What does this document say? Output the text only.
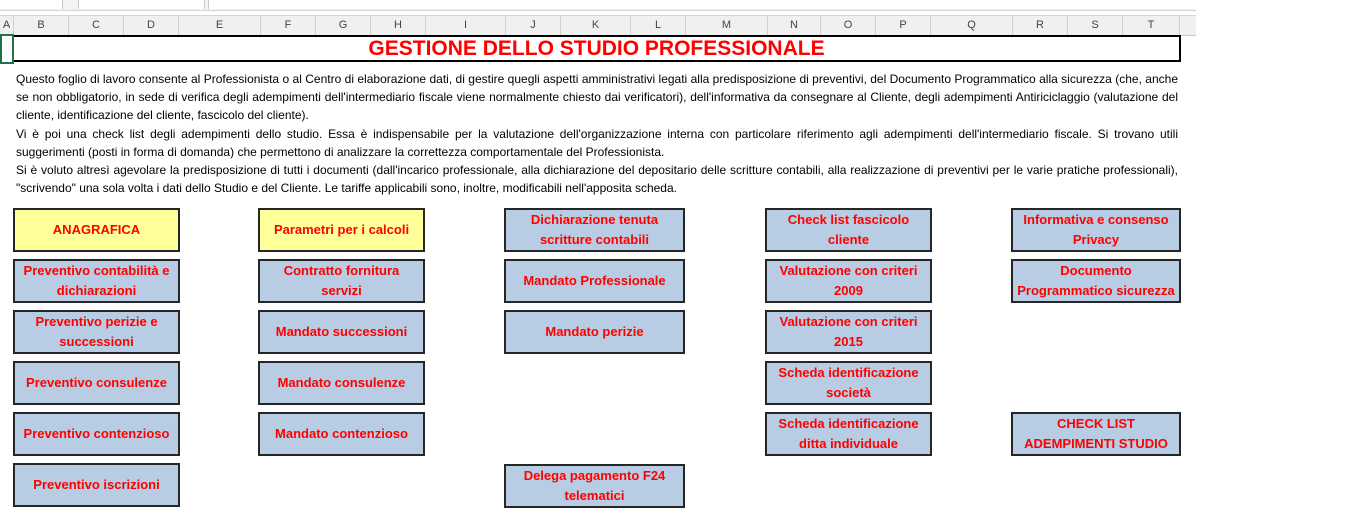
A	B	C	D	E	F	G	H	I	J	K	L	M	N	O	P	Q	R	S	T
GESTIONE DELLO STUDIO PROFESSIONALE

Questo foglio di lavoro consente al Professionista o al Centro di elaborazione dati, di gestire quegli aspetti amministrativi legati alla predisposizione di preventivi, del Documento Programmatico alla sicurezza (che, anche se non obbligatorio, in sede di verifica degli adempimenti dell'intermediario fiscale viene normalmente chiesto dai verificatori), dell'informativa da consegnare al Cliente, degli adempimenti Antiriciclaggio (valutazione del cliente, identificazione del cliente, fascicolo del cliente).

Vi è poi una check list degli adempimenti dello studio. Essa è indispensabile per la valutazione dell'organizzazione interna con particolare riferimento agli adempimenti dell'intermediario fiscale. Si trovano utili suggerimenti (posti in forma di domanda) che permettono di analizzare la correttezza comportamentale del Professionista.

Si è voluto altresì agevolare la predisposizione di tutti i documenti (dall'incarico professionale, alla dichiarazione del depositario delle scritture contabili, alla realizzazione di preventivi per le varie pratiche professionali), "scrivendo" una sola volta i dati dello Studio e del Cliente. Le tariffe applicabili sono, inoltre, modificabili nell'apposita scheda.

ANAGRAFICA
Preventivo contabilità e dichiarazioni
Preventivo perizie e successioni
Preventivo consulenze
Preventivo contenzioso
Preventivo iscrizioni
Parametri per i calcoli
Contratto fornitura servizi
Mandato successioni
Mandato consulenze
Mandato contenzioso
Dichiarazione tenuta scritture contabili
Mandato Professionale
Mandato perizie
Delega pagamento F24 telematici
Check list fascicolo cliente
Valutazione con criteri 2009
Valutazione con criteri 2015
Scheda identificazione società
Scheda identificazione ditta individuale
Informativa e consenso Privacy
Documento Programmatico sicurezza
CHECK LIST ADEMPIMENTI STUDIO
